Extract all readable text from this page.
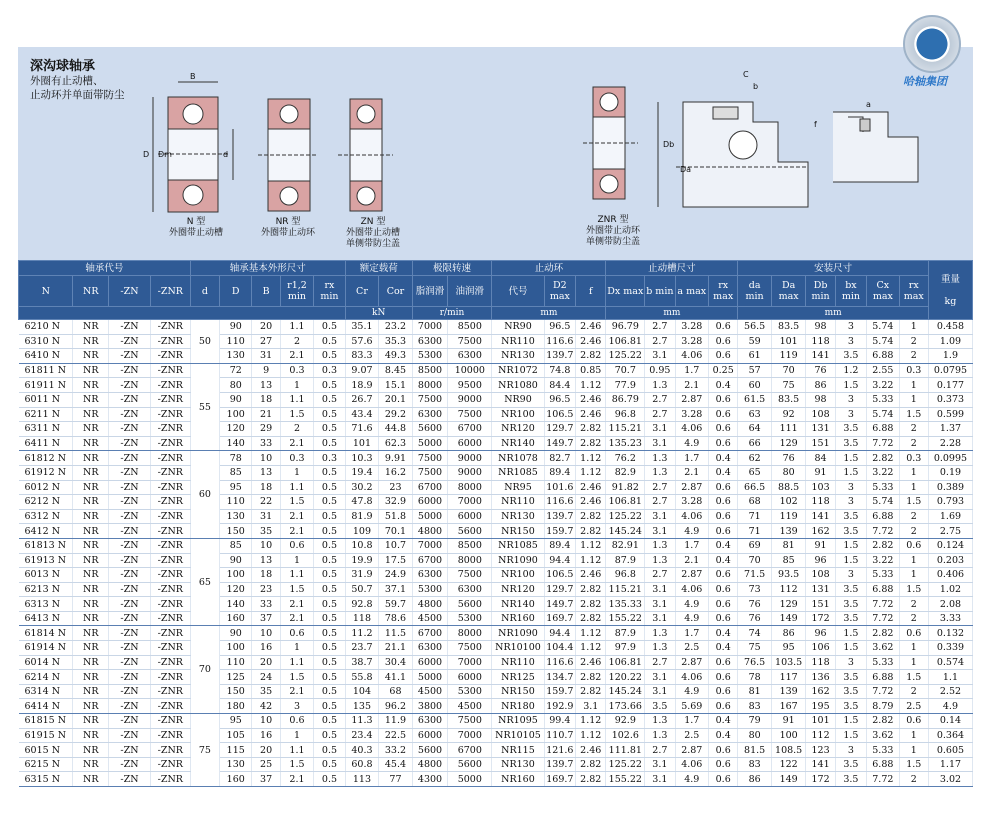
深沟球轴承
外圈有止动槽、
止动环并单面带防尘
哈轴集团
B
D Dm	d
C
a
b
Da
Db
f
N 型
外圈带止动槽
NR 型
外圈带止动环
ZN 型
外圈带止动槽
单侧带防尘盖
ZNR 型
外圈带止动环
单侧带防尘盖
轴承代号				轴承基本外形尺寸					额定载荷		极限转速		止动环			止动槽尺寸				安装尺寸						重量

kg
N	NR	-ZN	-ZNR	d	D	B	r1,2 min	rx min	Cr	Cor	脂润滑	油润滑	代号	D2 max	f	Dx max	b min	a max	rx max	da min	Da max	Db min	bx min	Cx max	rx max	
									kN		r/min		mm			mm				mm						
6210 N	NR	-ZN	-ZNR	50	90	20	1.1	0.5	35.1	23.2	7000	8500	NR90	96.5	2.46	96.79	2.7	3.28	0.6	56.5	83.5	98	3	5.74	1	0.458
6310 N	NR	-ZN	-ZNR		110	27	2	0.5	57.6	35.3	6300	7500	NR110	116.6	2.46	106.81	2.7	3.28	0.6	59	101	118	3	5.74	2	1.09
6410 N	NR	-ZN	-ZNR		130	31	2.1	0.5	83.3	49.3	5300	6300	NR130	139.7	2.82	125.22	3.1	4.06	0.6	61	119	141	3.5	6.88	2	1.9
61811 N	NR	-ZN	-ZNR	55	72	9	0.3	0.3	9.07	8.45	8500	10000	NR1072	74.8	0.85	70.7	0.95	1.7	0.25	57	70	76	1.2	2.55	0.3	0.0795
61911 N	NR	-ZN	-ZNR		80	13	1	0.5	18.9	15.1	8000	9500	NR1080	84.4	1.12	77.9	1.3	2.1	0.4	60	75	86	1.5	3.22	1	0.177
6011 N	NR	-ZN	-ZNR		90	18	1.1	0.5	26.7	20.1	7500	9000	NR90	96.5	2.46	86.79	2.7	2.87	0.6	61.5	83.5	98	3	5.33	1	0.373
6211 N	NR	-ZN	-ZNR		100	21	1.5	0.5	43.4	29.2	6300	7500	NR100	106.5	2.46	96.8	2.7	3.28	0.6	63	92	108	3	5.74	1.5	0.599
6311 N	NR	-ZN	-ZNR		120	29	2	0.5	71.6	44.8	5600	6700	NR120	129.7	2.82	115.21	3.1	4.06	0.6	64	111	131	3.5	6.88	2	1.37
6411 N	NR	-ZN	-ZNR		140	33	2.1	0.5	101	62.3	5000	6000	NR140	149.7	2.82	135.23	3.1	4.9	0.6	66	129	151	3.5	7.72	2	2.28
61812 N	NR	-ZN	-ZNR	60	78	10	0.3	0.3	10.3	9.91	7500	9000	NR1078	82.7	1.12	76.2	1.3	1.7	0.4	62	76	84	1.5	2.82	0.3	0.0995
61912 N	NR	-ZN	-ZNR		85	13	1	0.5	19.4	16.2	7500	9000	NR1085	89.4	1.12	82.9	1.3	2.1	0.4	65	80	91	1.5	3.22	1	0.19
6012 N	NR	-ZN	-ZNR		95	18	1.1	0.5	30.2	23	6700	8000	NR95	101.6	2.46	91.82	2.7	2.87	0.6	66.5	88.5	103	3	5.33	1	0.389
6212 N	NR	-ZN	-ZNR		110	22	1.5	0.5	47.8	32.9	6000	7000	NR110	116.6	2.46	106.81	2.7	3.28	0.6	68	102	118	3	5.74	1.5	0.793
6312 N	NR	-ZN	-ZNR		130	31	2.1	0.5	81.9	51.8	5000	6000	NR130	139.7	2.82	125.22	3.1	4.06	0.6	71	119	141	3.5	6.88	2	1.69
6412 N	NR	-ZN	-ZNR		150	35	2.1	0.5	109	70.1	4800	5600	NR150	159.7	2.82	145.24	3.1	4.9	0.6	71	139	162	3.5	7.72	2	2.75
61813 N	NR	-ZN	-ZNR	65	85	10	0.6	0.5	10.8	10.7	7000	8500	NR1085	89.4	1.12	82.91	1.3	1.7	0.4	69	81	91	1.5	2.82	0.6	0.124
61913 N	NR	-ZN	-ZNR		90	13	1	0.5	19.9	17.5	6700	8000	NR1090	94.4	1.12	87.9	1.3	2.1	0.4	70	85	96	1.5	3.22	1	0.203
6013 N	NR	-ZN	-ZNR		100	18	1.1	0.5	31.9	24.9	6300	7500	NR100	106.5	2.46	96.8	2.7	2.87	0.6	71.5	93.5	108	3	5.33	1	0.406
6213 N	NR	-ZN	-ZNR		120	23	1.5	0.5	50.7	37.1	5300	6300	NR120	129.7	2.82	115.21	3.1	4.06	0.6	73	112	131	3.5	6.88	1.5	1.02
6313 N	NR	-ZN	-ZNR		140	33	2.1	0.5	92.8	59.7	4800	5600	NR140	149.7	2.82	135.33	3.1	4.9	0.6	76	129	151	3.5	7.72	2	2.08
6413 N	NR	-ZN	-ZNR		160	37	2.1	0.5	118	78.6	4500	5300	NR160	169.7	2.82	155.22	3.1	4.9	0.6	76	149	172	3.5	7.72	2	3.33
61814 N	NR	-ZN	-ZNR	70	90	10	0.6	0.5	11.2	11.5	6700	8000	NR1090	94.4	1.12	87.9	1.3	1.7	0.4	74	86	96	1.5	2.82	0.6	0.132
61914 N	NR	-ZN	-ZNR		100	16	1	0.5	23.7	21.1	6300	7500	NR10100	104.4	1.12	97.9	1.3	2.5	0.4	75	95	106	1.5	3.62	1	0.339
6014 N	NR	-ZN	-ZNR		110	20	1.1	0.5	38.7	30.4	6000	7000	NR110	116.6	2.46	106.81	2.7	2.87	0.6	76.5	103.5	118	3	5.33	1	0.574
6214 N	NR	-ZN	-ZNR		125	24	1.5	0.5	55.8	41.1	5000	6000	NR125	134.7	2.82	120.22	3.1	4.06	0.6	78	117	136	3.5	6.88	1.5	1.1
6314 N	NR	-ZN	-ZNR		150	35	2.1	0.5	104	68	4500	5300	NR150	159.7	2.82	145.24	3.1	4.9	0.6	81	139	162	3.5	7.72	2	2.52
6414 N	NR	-ZN	-ZNR		180	42	3	0.5	135	96.2	3800	4500	NR180	192.9	3.1	173.66	3.5	5.69	0.6	83	167	195	3.5	8.79	2.5	4.9
61815 N	NR	-ZN	-ZNR	75	95	10	0.6	0.5	11.3	11.9	6300	7500	NR1095	99.4	1.12	92.9	1.3	1.7	0.4	79	91	101	1.5	2.82	0.6	0.14
61915 N	NR	-ZN	-ZNR		105	16	1	0.5	23.4	22.5	6000	7000	NR10105	110.7	1.12	102.6	1.3	2.5	0.4	80	100	112	1.5	3.62	1	0.364
6015 N	NR	-ZN	-ZNR		115	20	1.1	0.5	40.3	33.2	5600	6700	NR115	121.6	2.46	111.81	2.7	2.87	0.6	81.5	108.5	123	3	5.33	1	0.605
6215 N	NR	-ZN	-ZNR		130	25	1.5	0.5	60.8	45.4	4800	5600	NR130	139.7	2.82	125.22	3.1	4.06	0.6	83	122	141	3.5	6.88	1.5	1.17
6315 N	NR	-ZN	-ZNR		160	37	2.1	0.5	113	77	4300	5000	NR160	169.7	2.82	155.22	3.1	4.9	0.6	86	149	172	3.5	7.72	2	3.02
